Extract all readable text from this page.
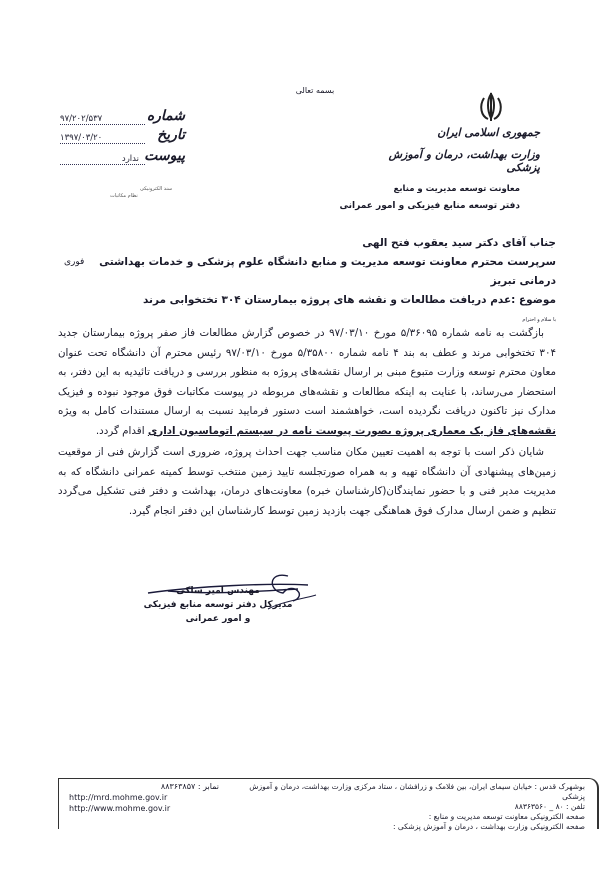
بسمه تعالی
جمهوری اسلامی ایران
وزارت بهداشت، درمان و آموزش پزشکی
معاونت توسعه مدیریت و منابع
دفتر توسعه منابع فیزیکی و امور عمرانی
شماره
۹۷/۲۰۲/۵۳۷
تاریخ
۱۳۹۷/۰۳/۲۰
پیوست
ندارد
سند الکترونیکی
نظام مکاتبات
جناب آقای دکتر سید یعقوب فتح الهی
سرپرست محترم معاونت توسعه مدیریت و منابع دانشگاه علوم پزشکی و خدمات بهداشتی درمانی تبریز
فوری
موضوع :عدم دریافت مطالعات و نقشه های پروژه بیمارستان ۳۰۴ تختخوابی مرند
با سلام و احترام
بازگشت به نامه شماره ۵/۳۶۰۹۵ مورخ ۹۷/۰۳/۱۰ در خصوص گزارش مطالعات فاز صفر پروژه بیمارستان جدید ۳۰۴ تختخوابی مرند و عطف به بند ۴ نامه شماره ۵/۳۵۸۰۰ مورخ ۹۷/۰۳/۱۰ رئیس محترم آن دانشگاه تحت عنوان معاون محترم توسعه وزارت متبوع مبنی بر ارسال نقشه‌های پروژه به منظور بررسی و دریافت تائیدیه به این دفتر، به استحضار می‌رساند، با عنایت به اینکه مطالعات و نقشه‌های مربوطه در پیوست مکاتبات فوق موجود نبوده و فیزیک مدارک نیز تاکنون دریافت نگردیده است، خواهشمند است دستور فرمایید نسبت به ارسال مستندات کامل به ویژه نقشه‌های فاز یک معماری پروژه بصورت پیوست نامه در سیستم اتوماسیون اداری اقدام گردد.
شایان ذکر است با توجه به اهمیت تعیین مکان مناسب جهت احداث پروژه، ضروری است گزارش فنی از موقعیت زمین‌های پیشنهادی آن دانشگاه تهیه و به همراه صورتجلسه تایید زمین منتخب توسط کمیته عمرانی دانشگاه که به مدیریت مدیر فنی و با حضور نمایندگان(کارشناسان خبره) معاونت‌های درمان، بهداشت و دفتر فنی تشکیل می‌گردد تنظیم و ضمن ارسال مدارک فوق هماهنگی جهت بازدید زمین توسط کارشناسان این دفتر انجام گیرد.
مهندس امیر ساکی
مدیرکل دفتر توسعه منابع فیزیکی
و امور عمرانی
بوشهرک قدس : خیابان سیمای ایران، بین فلامک و زرافشان ، ستاد مرکزی وزارت بهداشت، درمان و آموزش پزشکی
تلفن : ۸۰ _ ۸۸۳۶۳۵۶۰
صفحه الکترونیکی معاونت توسعه مدیریت و منابع :
صفحه الکترونیکی وزارت بهداشت ، درمان و آموزش پزشکی :
نمابر : ۸۸۳۶۳۸۵۷
http://mrd.mohme.gov.ir
http://www.mohme.gov.ir
